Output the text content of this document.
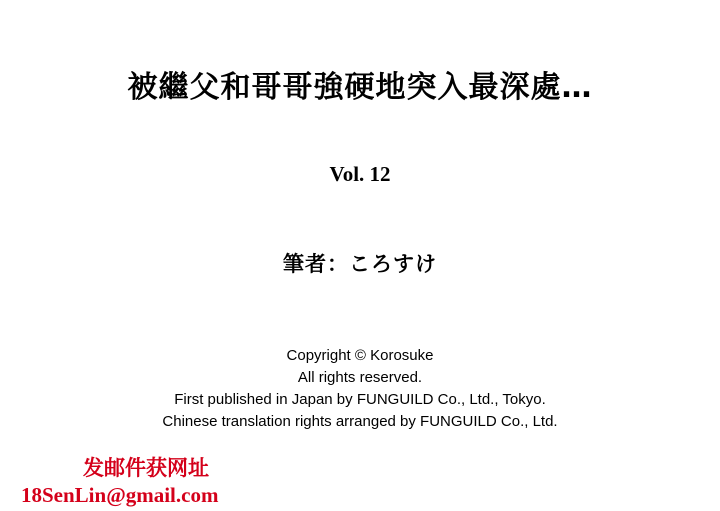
被繼父和哥哥強硬地突入最深處…
Vol. 12
筆者：ころすけ
Copyright © Korosuke
All rights reserved.
First published in Japan by FUNGUILD Co., Ltd., Tokyo.
Chinese translation rights arranged by FUNGUILD Co., Ltd.
发邮件获网址
18SenLin@gmail.com
